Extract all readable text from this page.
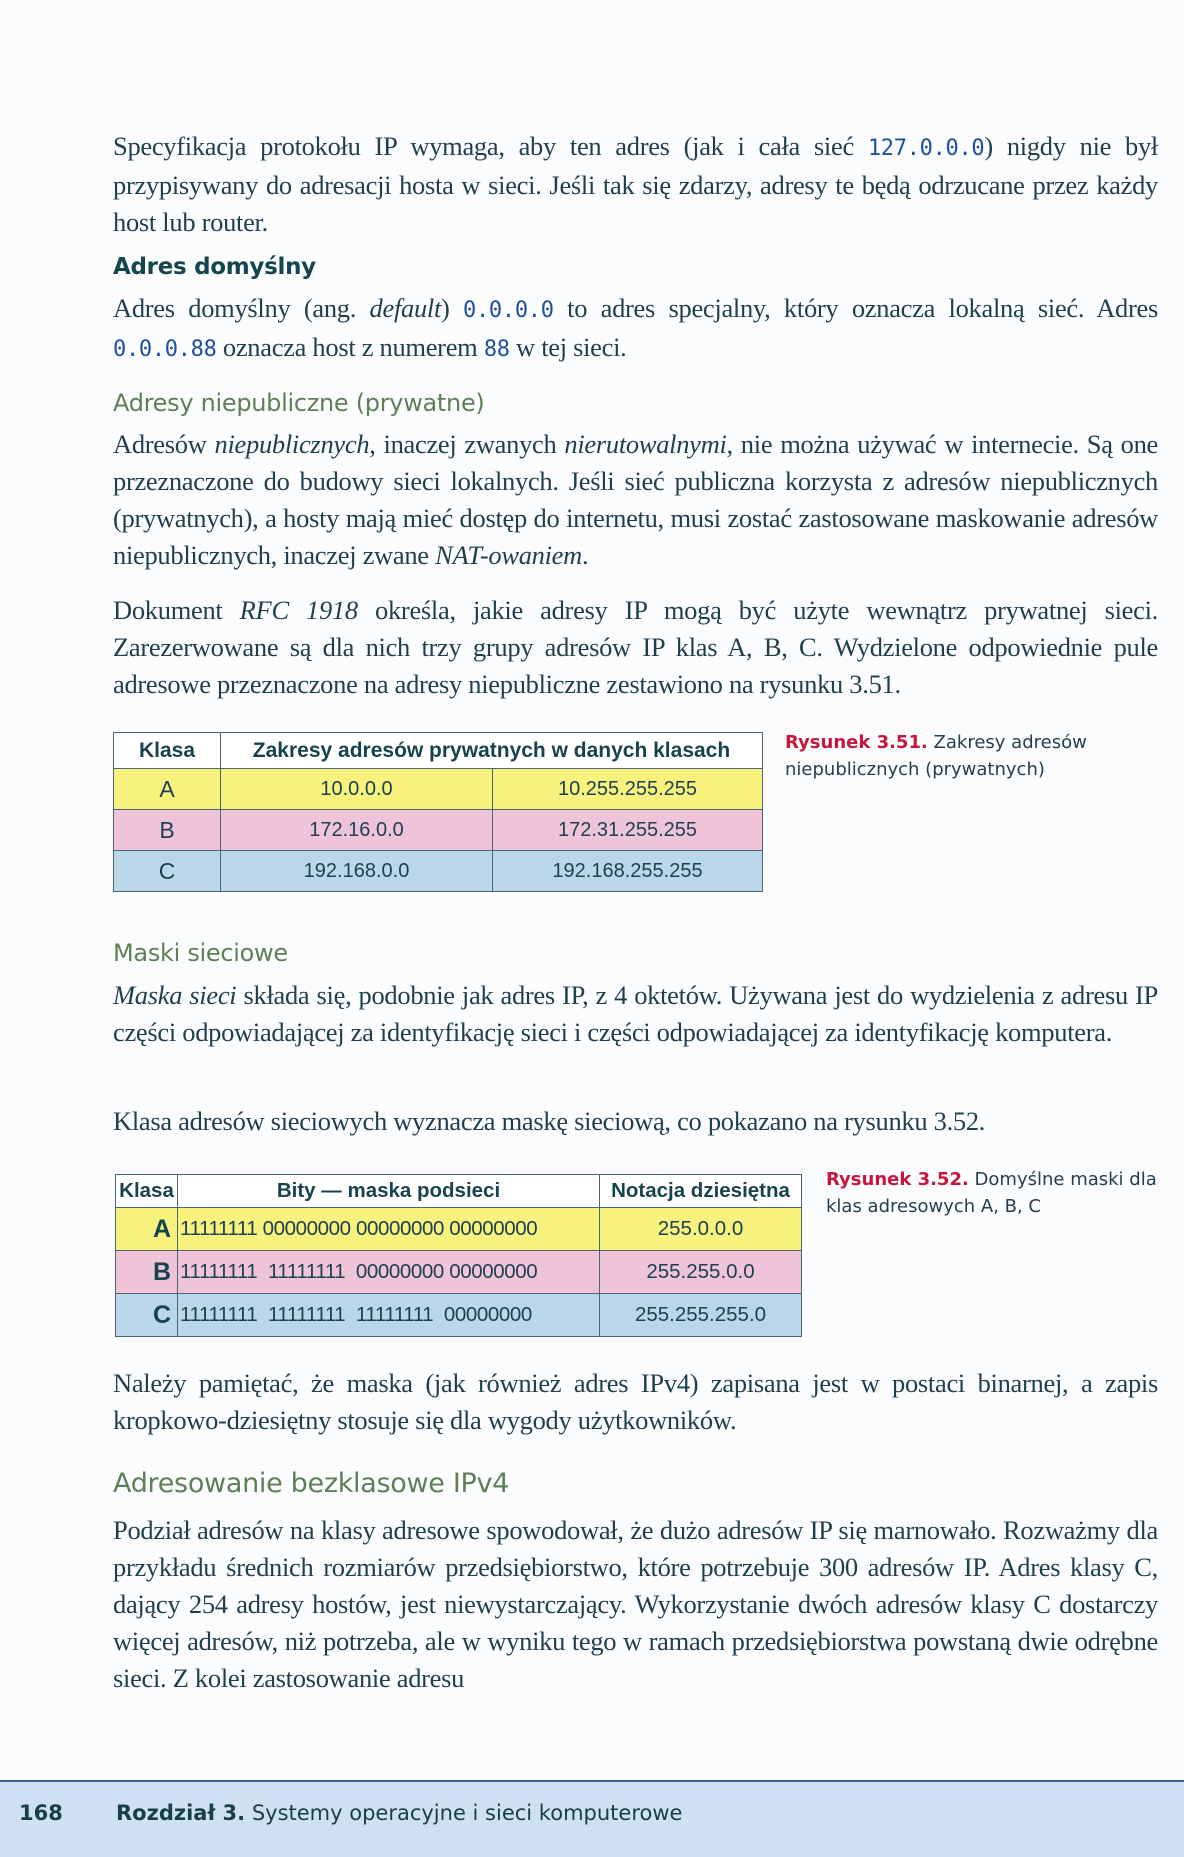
Specyfikacja protokołu IP wymaga, aby ten adres (jak i cała sieć 127.0.0.0) nigdy nie był przypisywany do adresacji hosta w sieci. Jeśli tak się zdarzy, adresy te będą odrzucane przez każdy host lub router.

Adres domyślny

Adres domyślny (ang. default) 0.0.0.0 to adres specjalny, który oznacza lokalną sieć. Adres 0.0.0.88 oznacza host z numerem 88 w tej sieci.

Adresy niepubliczne (prywatne)

Adresów niepublicznych, inaczej zwanych nierutowalnymi, nie można używać w internecie. Są one przeznaczone do budowy sieci lokalnych. Jeśli sieć publiczna korzysta z adresów niepublicznych (prywatnych), a hosty mają mieć dostęp do internetu, musi zostać zastosowane maskowanie adresów niepublicznych, inaczej zwane NAT-owaniem.

Dokument RFC 1918 określa, jakie adresy IP mogą być użyte wewnątrz prywatnej sieci. Zarezerwowane są dla nich trzy grupy adresów IP klas A, B, C. Wydzielone odpowiednie pule adresowe przeznaczone na adresy niepubliczne zestawiono na rysunku 3.51.

Klasa	Zakresy adresów prywatnych w danych klasach	
A	10.0.0.0	10.255.255.255
B	172.16.0.0	172.31.255.255
C	192.168.0.0	192.168.255.255

Rysunek 3.51. Zakresy adresów niepublicznych (prywatnych)

Maski sieciowe

Maska sieci składa się, podobnie jak adres IP, z 4 oktetów. Używana jest do wydzielenia z adresu IP części odpowiadającej za identyfikację sieci i części odpowiadającej za identyfikację komputera.

Klasa adresów sieciowych wyznacza maskę sieciową, co pokazano na rysunku 3.52.

Klasa	Bity — maska podsieci	Notacja dziesiętna
A	11111111 00000000 00000000 00000000	255.0.0.0
B	11111111  11111111  00000000 00000000	255.255.0.0
C	11111111  11111111  11111111  00000000	255.255.255.0

Rysunek 3.52. Domyślne maski dla klas adresowych A, B, C

Należy pamiętać, że maska (jak również adres IPv4) zapisana jest w postaci binarnej, a zapis kropkowo-dziesiętny stosuje się dla wygody użytkowników.

Adresowanie bezklasowe IPv4

Podział adresów na klasy adresowe spowodował, że dużo adresów IP się marnowało. Rozważmy dla przykładu średnich rozmiarów przedsiębiorstwo, które potrzebuje 300 adresów IP. Adres klasy C, dający 254 adresy hostów, jest niewystarczający. Wykorzystanie dwóch adresów klasy C dostarczy więcej adresów, niż potrzeba, ale w wyniku tego w ramach przedsiębiorstwa powstaną dwie odrębne sieci. Z kolei zastosowanie adresu

168	Rozdział 3. Systemy operacyjne i sieci komputerowe
